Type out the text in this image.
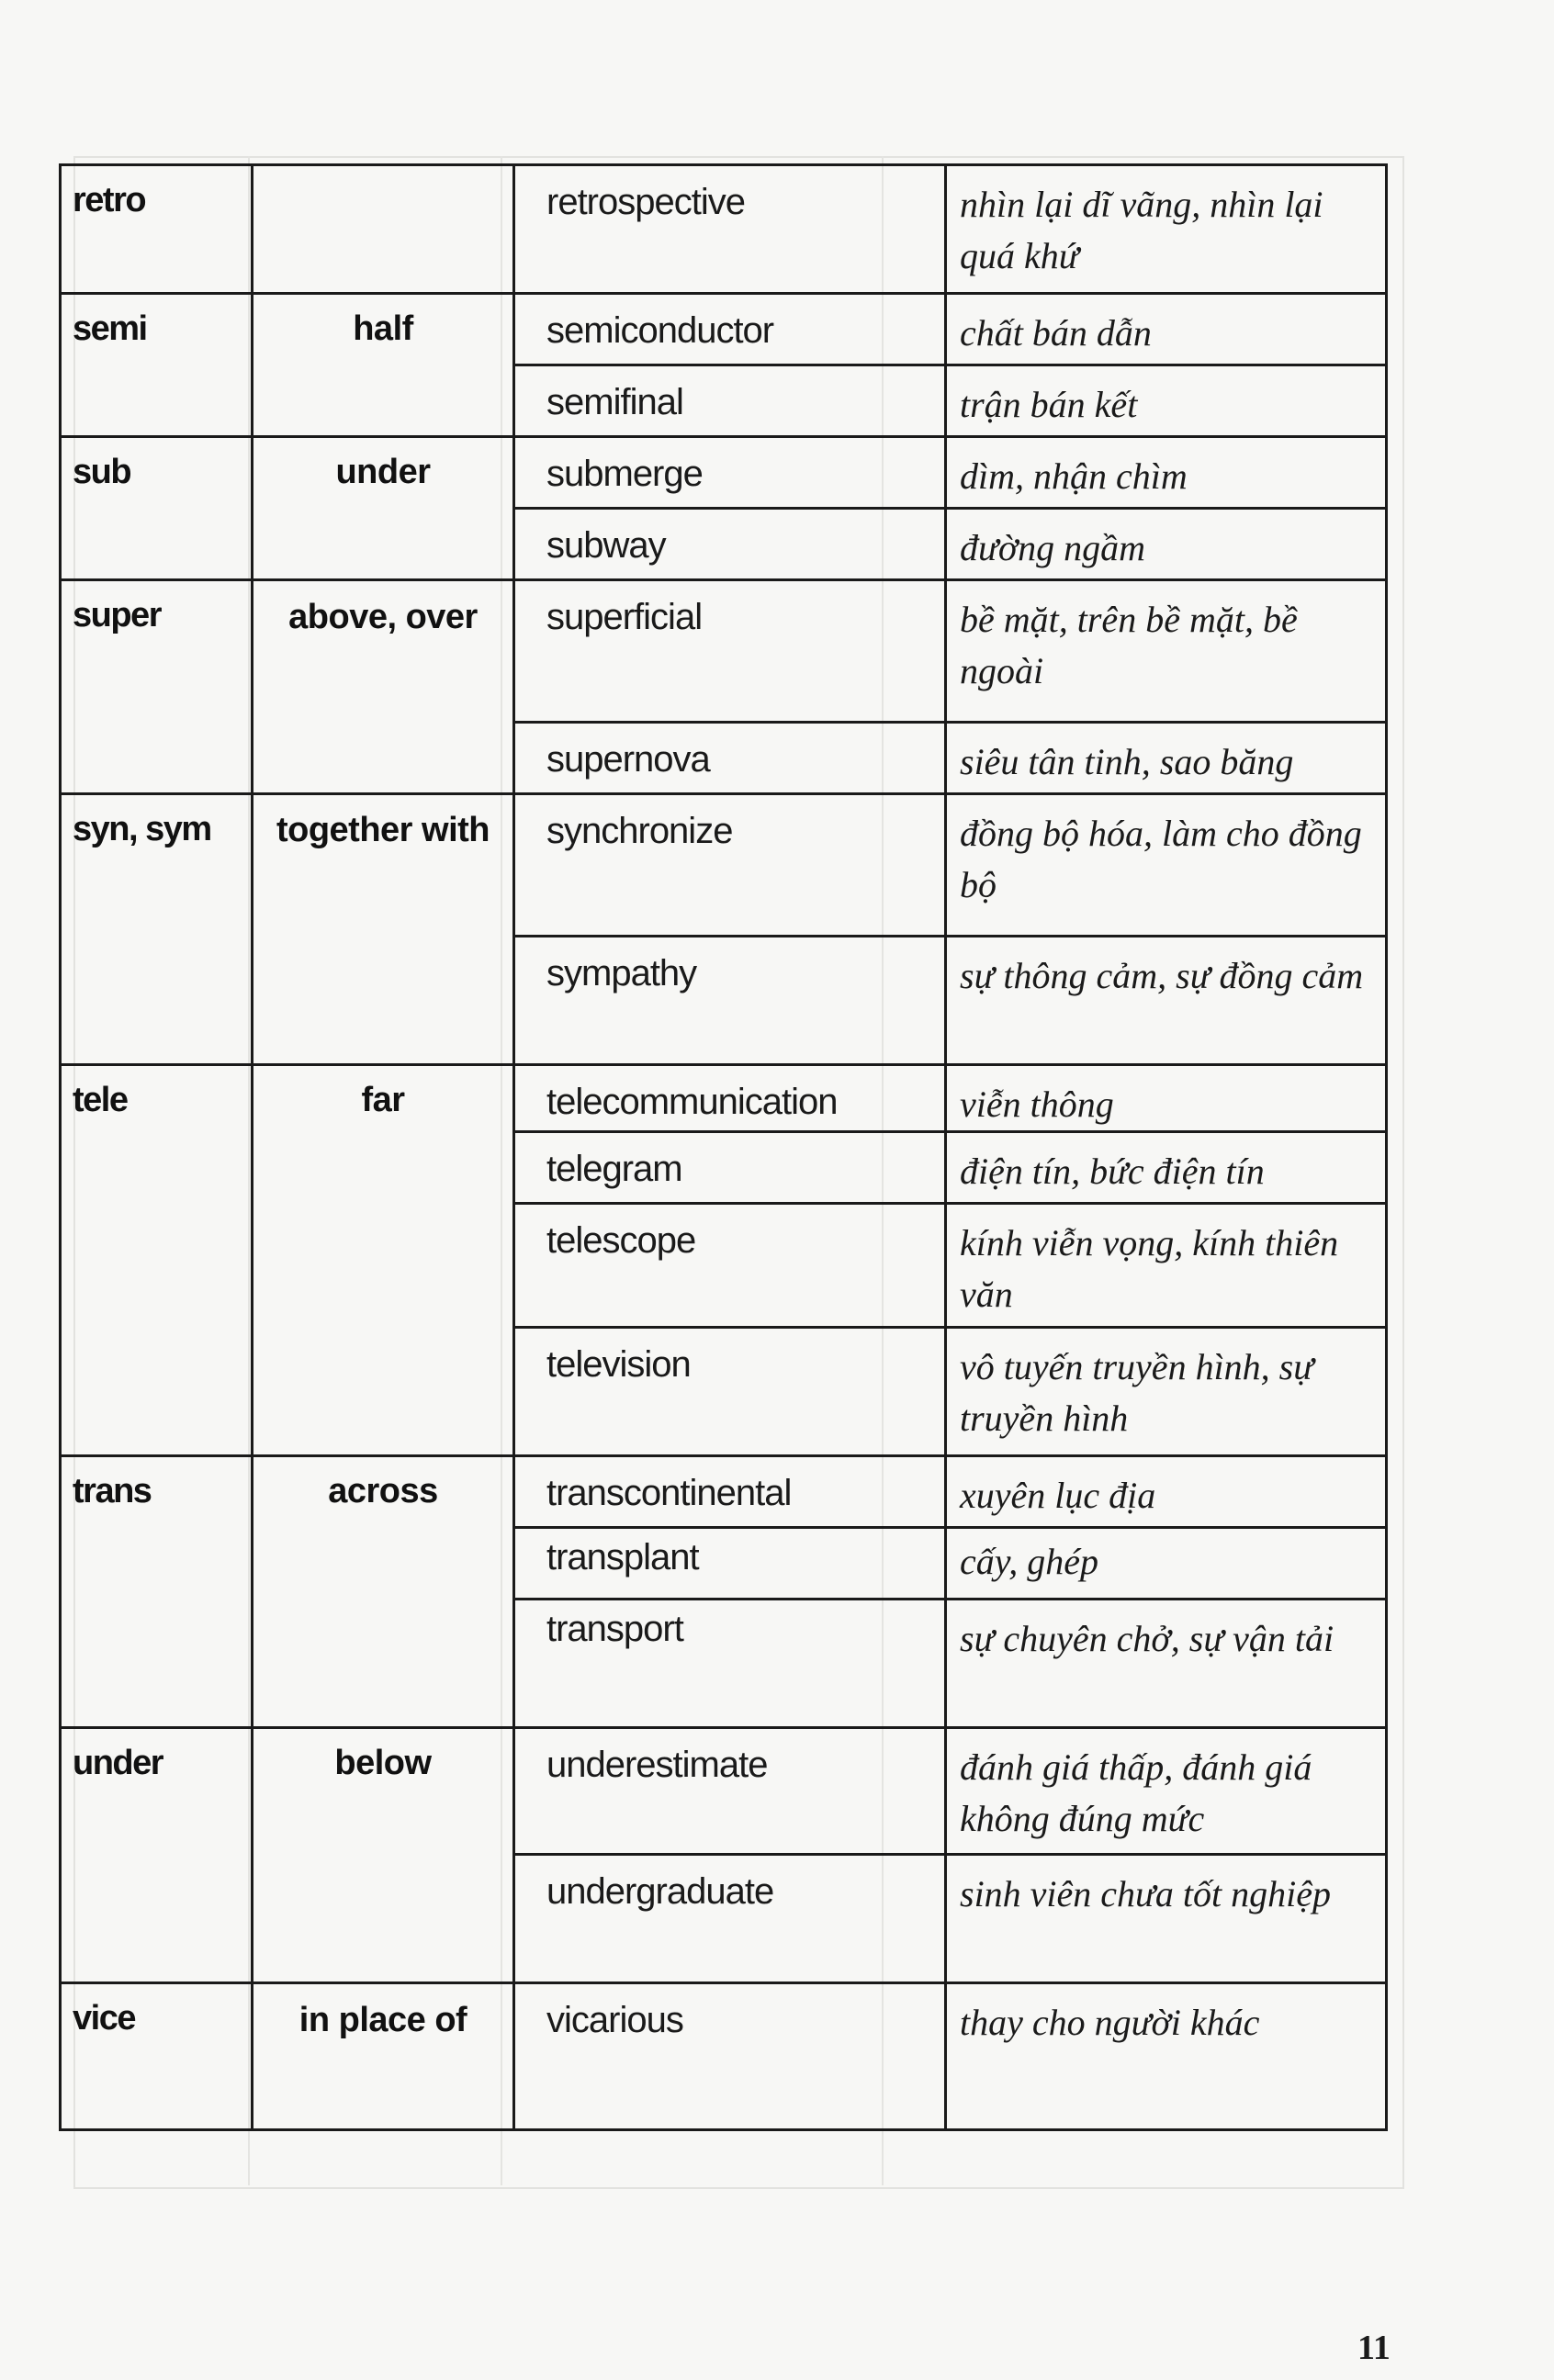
retro		retrospective	nhìn lại dĩ vãng, nhìn lại quá khứ

semi	half	semiconductor	chất bán dẫn

		semifinal	trận bán kết

sub	under	submerge	dìm, nhận chìm

		subway	đường ngầm

super	above, over	superficial	bề mặt, trên bề mặt, bề ngoài

		supernova	siêu tân tinh, sao băng

syn, sym	together with	synchronize	đồng bộ hóa, làm cho đồng bộ

		sympathy	sự thông cảm, sự đồng cảm

tele	far	telecommunication	viễn thông

		telegram	điện tín, bức điện tín

		telescope	kính viễn vọng, kính thiên văn

		television	vô tuyến truyền hình, sự truyền hình

trans	across	transcontinental	xuyên lục địa

		transplant	cấy, ghép

		transport	sự chuyên chở, sự vận tải

under	below	underestimate	đánh giá thấp, đánh giá không đúng mức

		undergraduate	sinh viên chưa tốt nghiệp

vice	in place of	vicarious	thay cho người khác
11
